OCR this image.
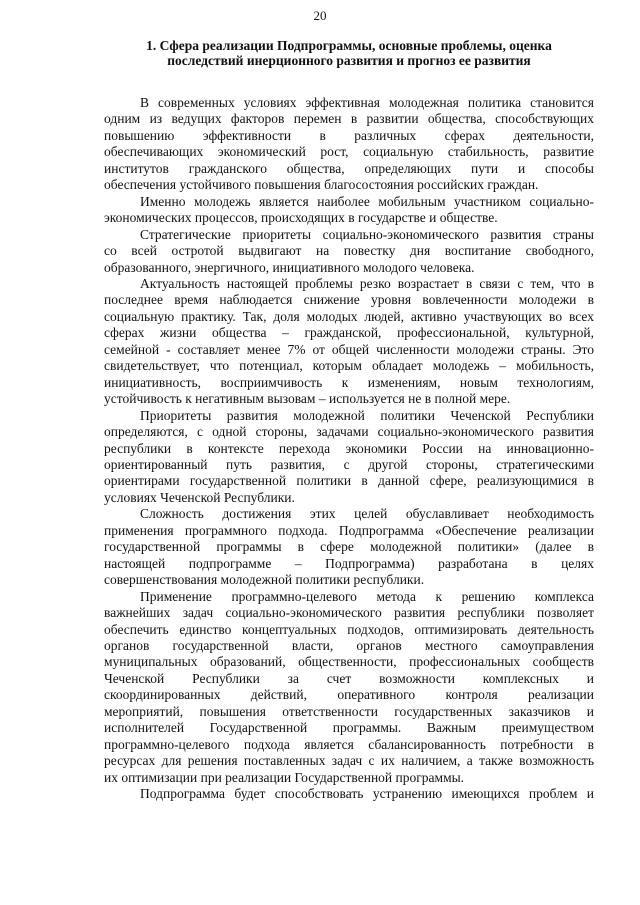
20
1. Сфера реализации Подпрограммы, основные проблемы, оценка
последствий инерционного развития и прогноз ее развития
В современных условиях эффективная молодежная политика становится
одним из ведущих факторов перемен в развитии общества, способствующих
повышению эффективности в различных сферах деятельности,
обеспечивающих экономический рост, социальную стабильность, развитие
институтов гражданского общества, определяющих пути и способы
обеспечения устойчивого повышения благосостояния российских граждан.
Именно молодежь является наиболее мобильным участником социально-
экономических процессов, происходящих в государстве и обществе.
Стратегические приоритеты социально-экономического развития страны
со всей остротой выдвигают на повестку дня воспитание свободного,
образованного, энергичного, инициативного молодого человека.
Актуальность настоящей проблемы резко возрастает в связи с тем, что в
последнее время наблюдается снижение уровня вовлеченности молодежи в
социальную практику. Так, доля молодых людей, активно участвующих во всех
сферах жизни общества – гражданской, профессиональной, культурной,
семейной - составляет менее 7% от общей численности молодежи страны. Это
свидетельствует, что потенциал, которым обладает молодежь – мобильность,
инициативность, восприимчивость к изменениям, новым технологиям,
устойчивость к негативным вызовам – используется не в полной мере.
Приоритеты развития молодежной политики Чеченской Республики
определяются, с одной стороны, задачами социально-экономического развития
республики в контексте перехода экономики России на инновационно-
ориентированный путь развития, с другой стороны, стратегическими
ориентирами государственной политики в данной сфере, реализующимися в
условиях Чеченской Республики.
Сложность достижения этих целей обуславливает необходимость
применения программного подхода. Подпрограмма «Обеспечение реализации
государственной программы в сфере молодежной политики» (далее в
настоящей подпрограмме – Подпрограмма) разработана в целях
совершенствования молодежной политики республики.
Применение программно-целевого метода к решению комплекса
важнейших задач социально-экономического развития республики позволяет
обеспечить единство концептуальных подходов, оптимизировать деятельность
органов государственной власти, органов местного самоуправления
муниципальных образований, общественности, профессиональных сообществ
Чеченской Республики за счет возможности комплексных и
скоординированных действий, оперативного контроля реализации
мероприятий, повышения ответственности государственных заказчиков и
исполнителей Государственной программы. Важным преимуществом
программно-целевого подхода является сбалансированность потребности в
ресурсах для решения поставленных задач с их наличием, а также возможность
их оптимизации при реализации Государственной программы.
Подпрограмма будет способствовать устранению имеющихся проблем и
